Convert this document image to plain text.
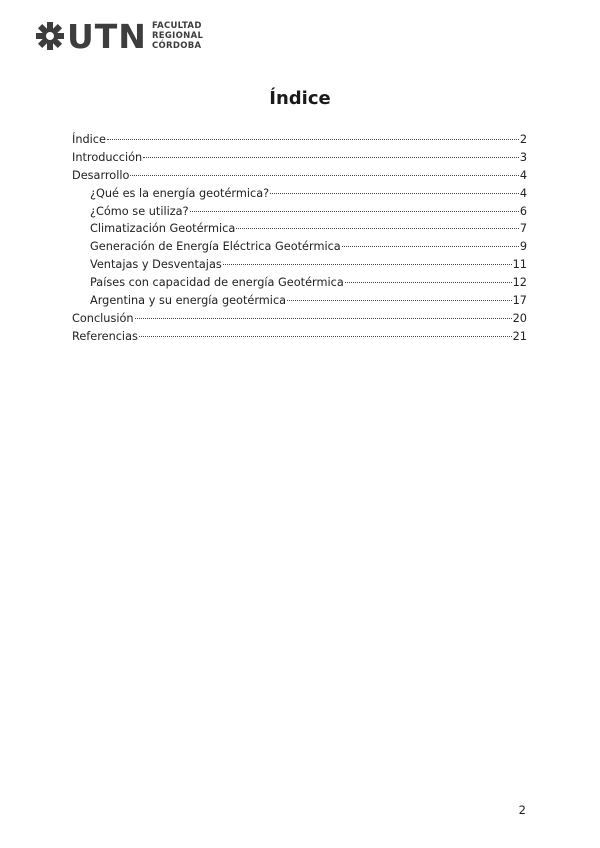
UTN FACULTAD
REGIONAL
CÓRDOBA
Índice
Índice	2
Introducción	3
Desarrollo	4
¿Qué es la energía geotérmica?	4
¿Cómo se utiliza?	6
Climatización Geotérmica	7
Generación de Energía Eléctrica Geotérmica	9
Ventajas y Desventajas	11
Países con capacidad de energía Geotérmica	12
Argentina y su energía geotérmica	17
Conclusión	20
Referencias	21
2
